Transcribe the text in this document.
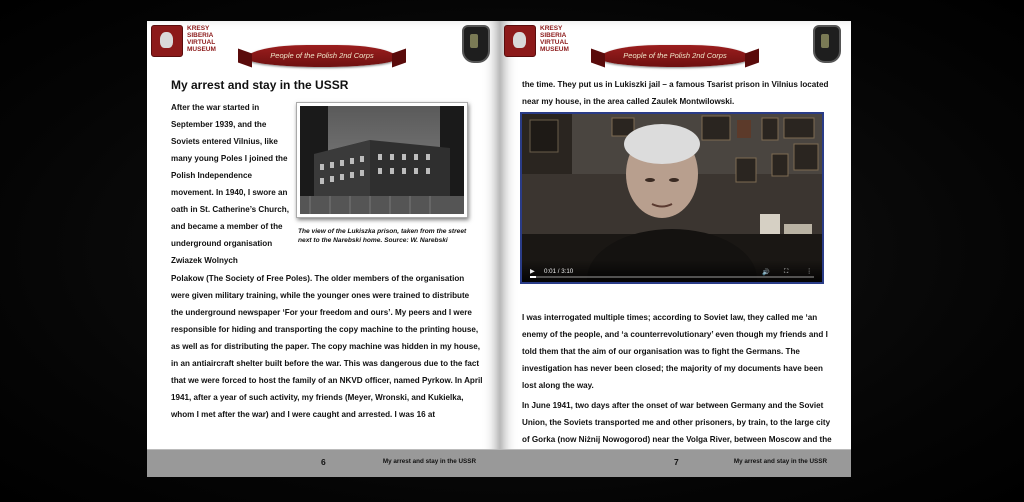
KRESY SIBERIA VIRTUAL MUSEUM
People of the Polish 2nd Corps
My arrest and stay in the USSR

After the war started in September 1939, and the Soviets entered Vilnius, like many young Poles I joined the Polish Independence movement. In 1940, I swore an oath in St. Catherine’s Church, and became a member of the underground organisation Zwiazek Wolnych

The view of the Lukiszka prison, taken from the street next to the Narebski home. Source: W. Narebski

Polakow (The Society of Free Poles). The older members of the organisation were given military training, while the younger ones were trained to distribute the underground newspaper ‘For your freedom and ours’. My peers and I were responsible for hiding and transporting the copy machine to the printing house, as well as for distributing the paper. The copy machine was hidden in my house, in an antiaircraft shelter built before the war. This was dangerous due to the fact that we were forced to host the family of an NKVD officer, named Pyrkow. In April 1941, after a year of such activity, my friends (Meyer, Wronski, and Kukielka, whom I met after the war) and I were caught and arrested. I was 16 at

6	My arrest and stay in the USSR
KRESY SIBERIA VIRTUAL MUSEUM
People of the Polish 2nd Corps

the time. They put us in Lukiszki jail – a famous Tsarist prison in Vilnius located near my house, in the area called Zaulek Montwilowski.

▶ 0:01 / 3:10	🔊 ⛶	⋮

I was interrogated multiple times; according to Soviet law, they called me ‘an enemy of the people, and ‘a counterrevolutionary’ even though my friends and I told them that the aim of our organisation was to fight the Germans. The investigation has never been closed; the majority of my documents have been lost along the way.

In June 1941, two days after the onset of war between Germany and the Soviet Union, the Soviets transported me and other prisoners, by train, to the large city of Gorka (now Niżnij Nowogorod) near the Volga River, between Moscow and the

7	My arrest and stay in the USSR
